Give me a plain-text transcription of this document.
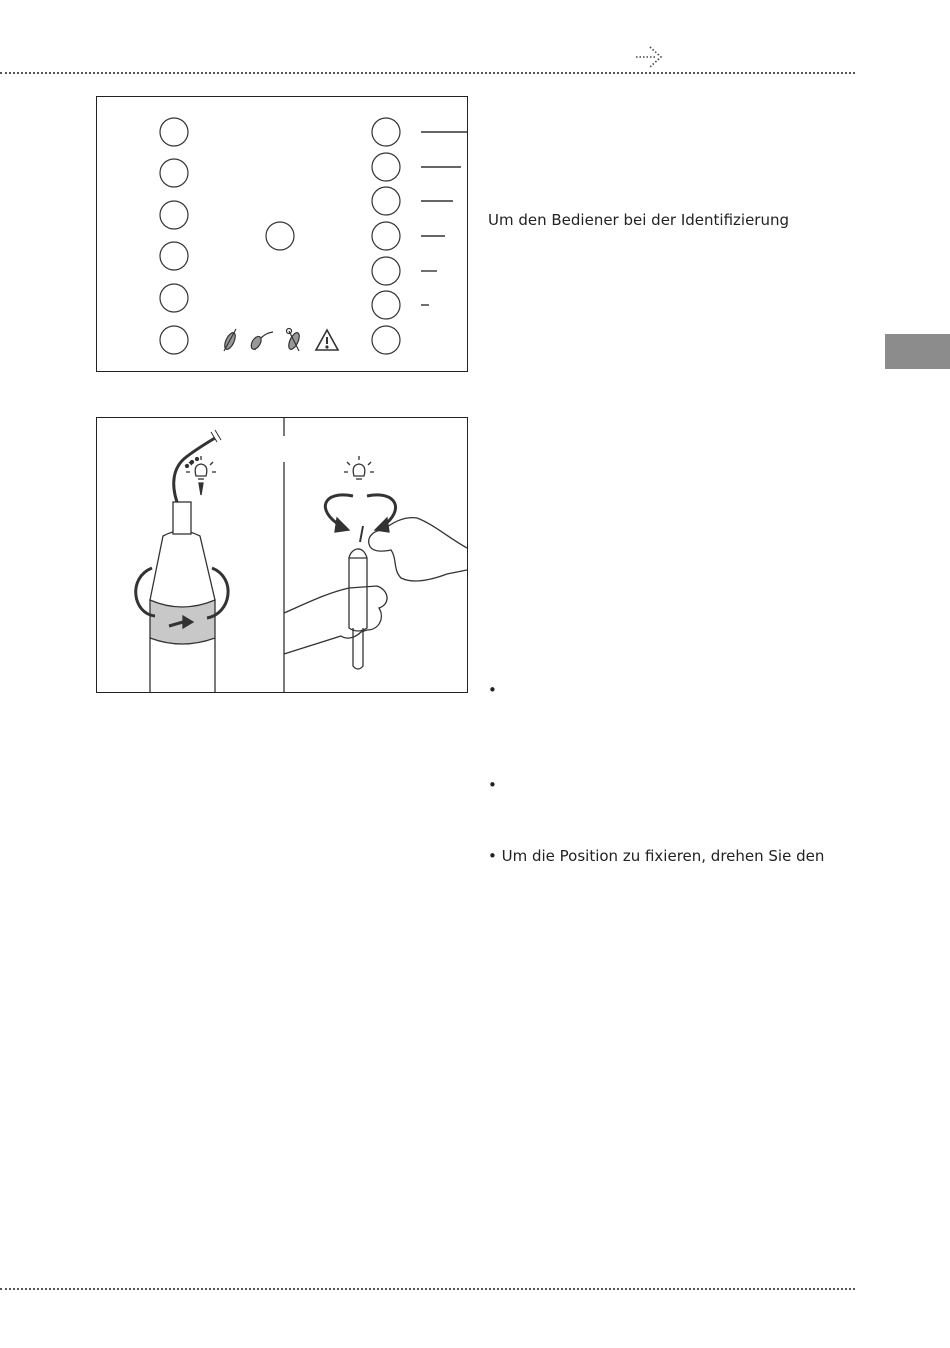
Um den Bediener bei der Identifizierung
•
•
• Um die Position zu fixieren, drehen Sie den
